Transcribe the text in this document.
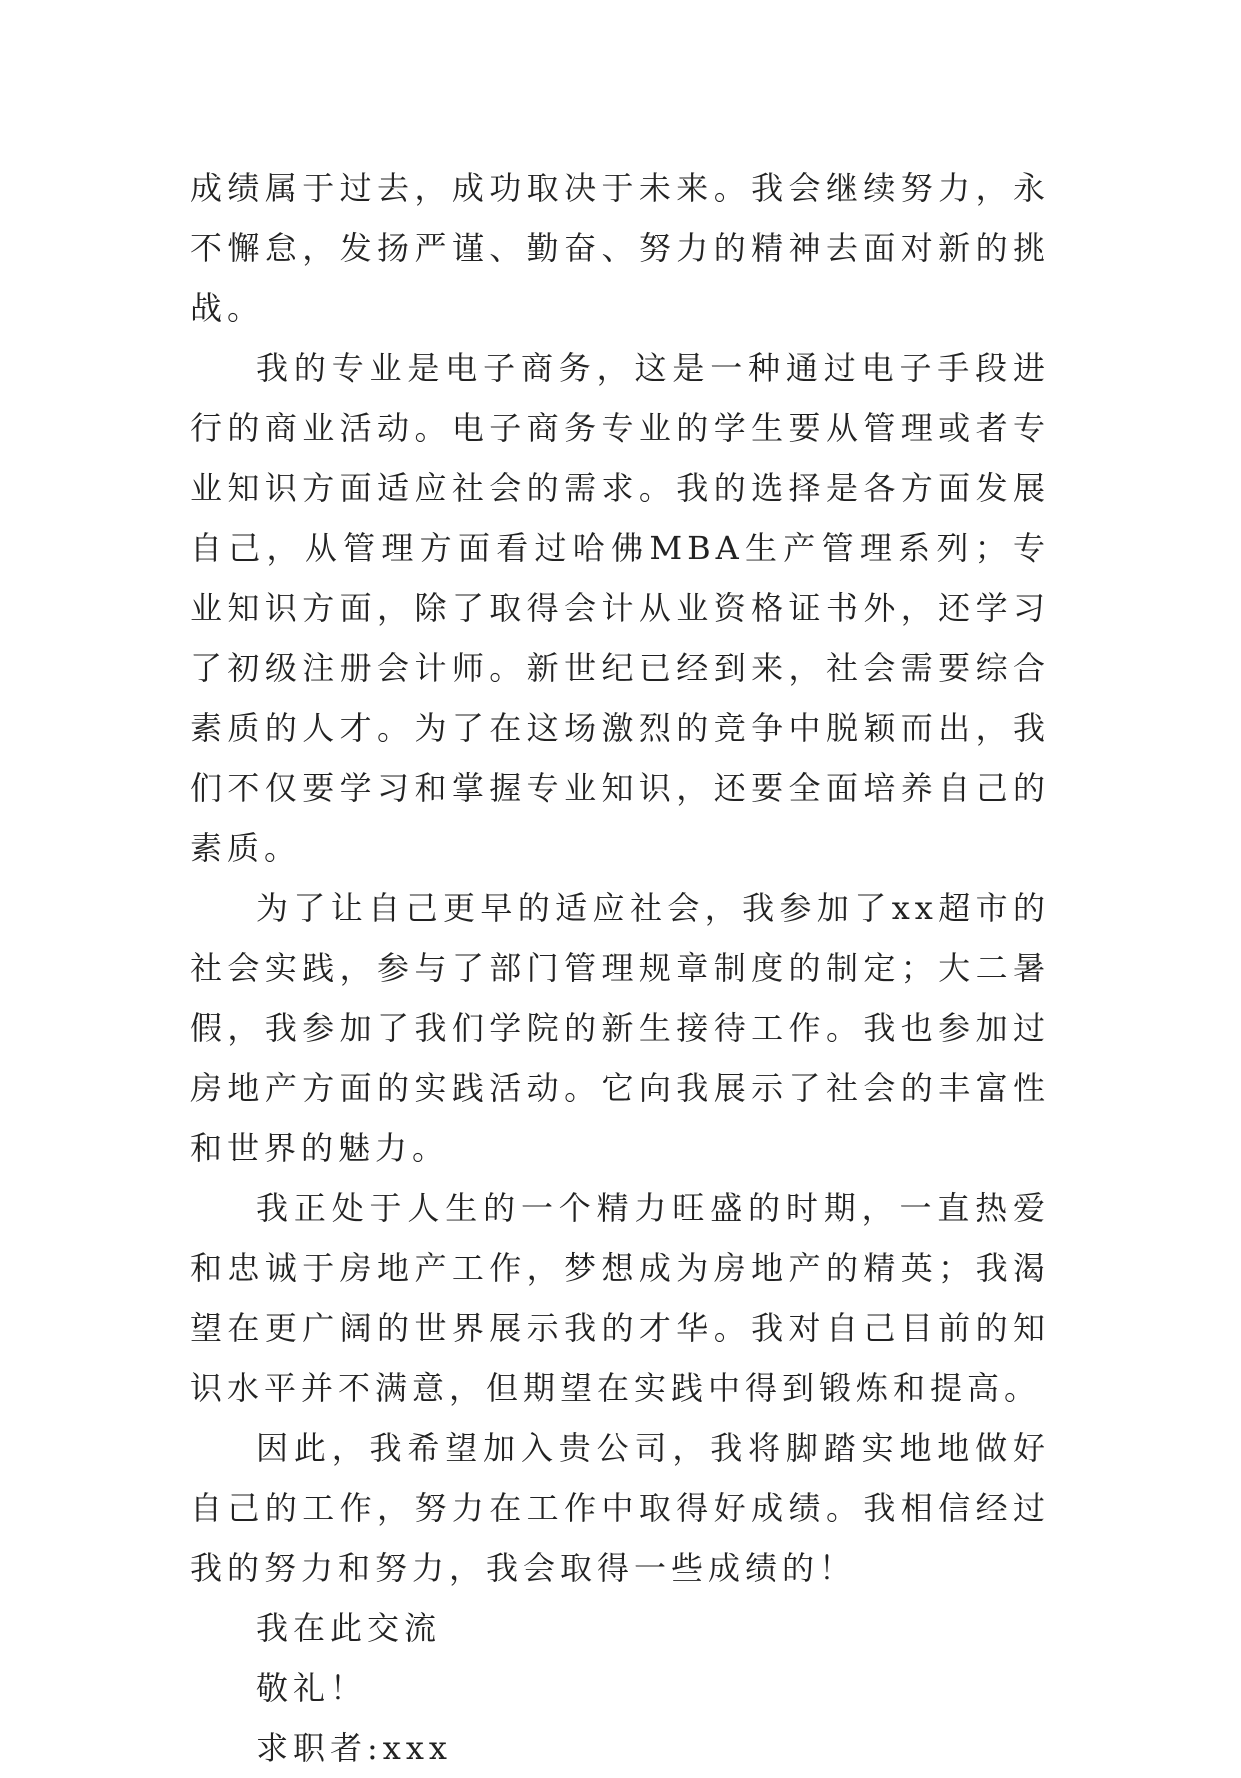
成绩属于过去，成功取决于未来。我会继续努力，永不懈怠，发扬严谨、勤奋、努力的精神去面对新的挑战。

我的专业是电子商务，这是一种通过电子手段进行的商业活动。电子商务专业的学生要从管理或者专业知识方面适应社会的需求。我的选择是各方面发展自己，从管理方面看过哈佛MBA生产管理系列；专业知识方面，除了取得会计从业资格证书外，还学习了初级注册会计师。新世纪已经到来，社会需要综合素质的人才。为了在这场激烈的竞争中脱颖而出，我们不仅要学习和掌握专业知识，还要全面培养自己的素质。

为了让自己更早的适应社会，我参加了xx超市的社会实践，参与了部门管理规章制度的制定；大二暑假，我参加了我们学院的新生接待工作。我也参加过房地产方面的实践活动。它向我展示了社会的丰富性和世界的魅力。

我正处于人生的一个精力旺盛的时期，一直热爱和忠诚于房地产工作，梦想成为房地产的精英；我渴望在更广阔的世界展示我的才华。我对自己目前的知识水平并不满意，但期望在实践中得到锻炼和提高。

因此，我希望加入贵公司，我将脚踏实地地做好自己的工作，努力在工作中取得好成绩。我相信经过我的努力和努力，我会取得一些成绩的！

我在此交流

敬礼！

求职者:xxx
